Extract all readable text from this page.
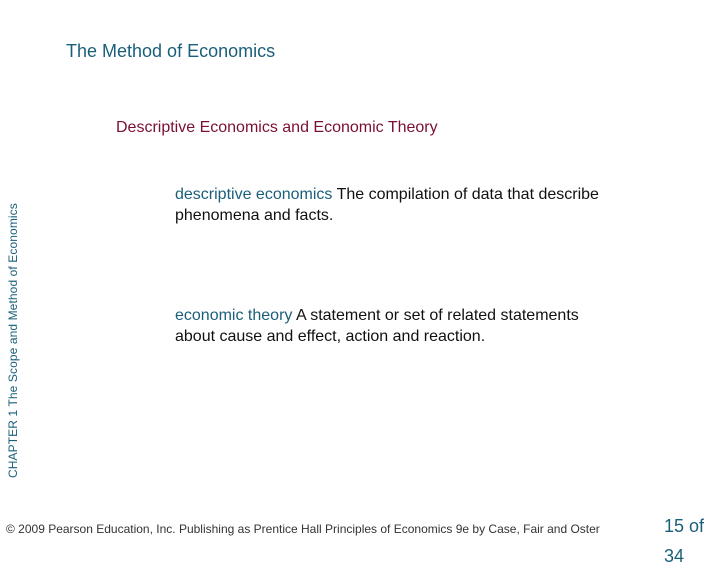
The Method of Economics
Descriptive Economics and Economic Theory
CHAPTER 1 The Scope and Method of Economics
descriptive economics The compilation of data that describe phenomena and facts.
economic theory A statement or set of related statements about cause and effect, action and reaction.
© 2009 Pearson Education, Inc. Publishing as Prentice Hall Principles of Economics 9e by Case, Fair and Oster	15 of 34
